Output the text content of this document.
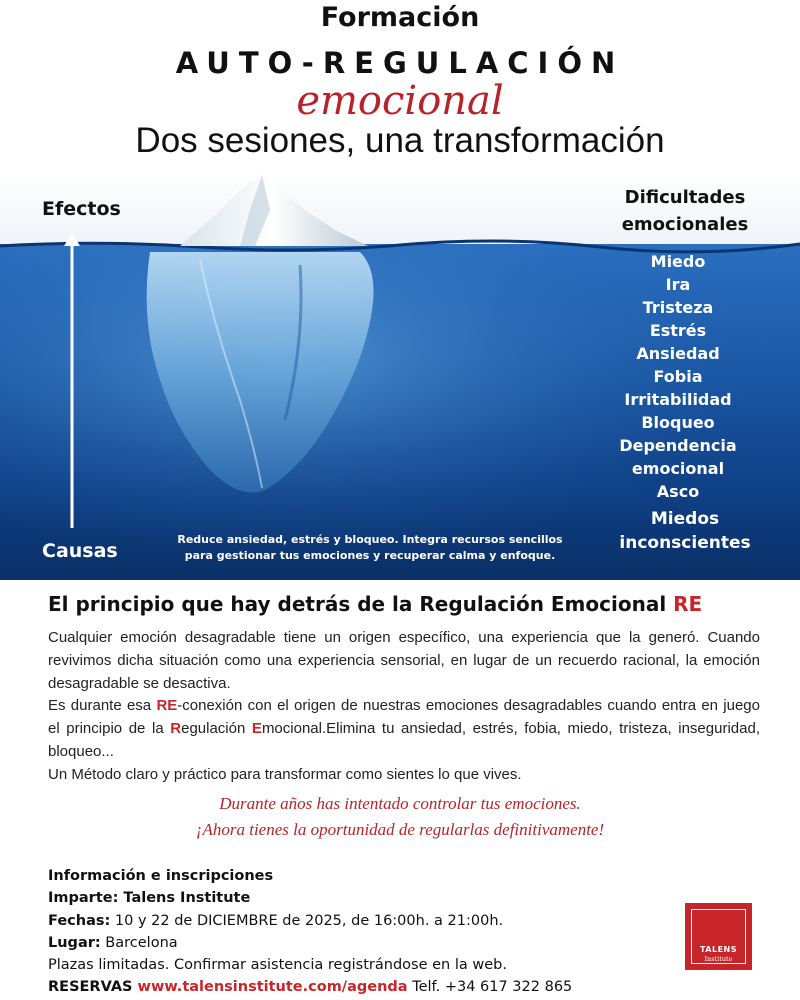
Formación
AUTO-REGULACIÓN
emocional
Dos sesiones, una transformación
Efectos
Causas
Dificultades
emocionales
Miedo
Ira
Tristeza
Estrés
Ansiedad
Fobia
Irritabilidad
Bloqueo
Dependencia
emocional
Asco
Miedos
inconscientes
Reduce ansiedad, estrés y bloqueo. Integra recursos sencillos
para gestionar tus emociones y recuperar calma y enfoque.
El principio que hay detrás de la Regulación Emocional RE

Cualquier emoción desagradable tiene un origen específico, una experiencia que la generó. Cuando revivimos dicha situación como una experiencia sensorial, en lugar de un recuerdo racional, la emoción desagradable se desactiva.

Es durante esa RE-conexión con el origen de nuestras emociones desagradables cuando entra en juego el principio de la Regulación Emocional.Elimina tu ansiedad, estrés, fobia, miedo, tristeza, inseguridad, bloqueo...

Un Método claro y práctico para transformar como sientes lo que vives.

Durante años has intentado controlar tus emociones.
¡Ahora tienes la oportunidad de regularlas definitivamente!
Información e inscripciones
Imparte: Talens Institute
Fechas: 10 y 22 de DICIEMBRE de 2025, de 16:00h. a 21:00h.
Lugar: Barcelona
Plazas limitadas. Confirmar asistencia registrándose en la web.
RESERVAS www.talensinstitute.com/agenda Telf. +34 617 322 865
TALENS
Institute
